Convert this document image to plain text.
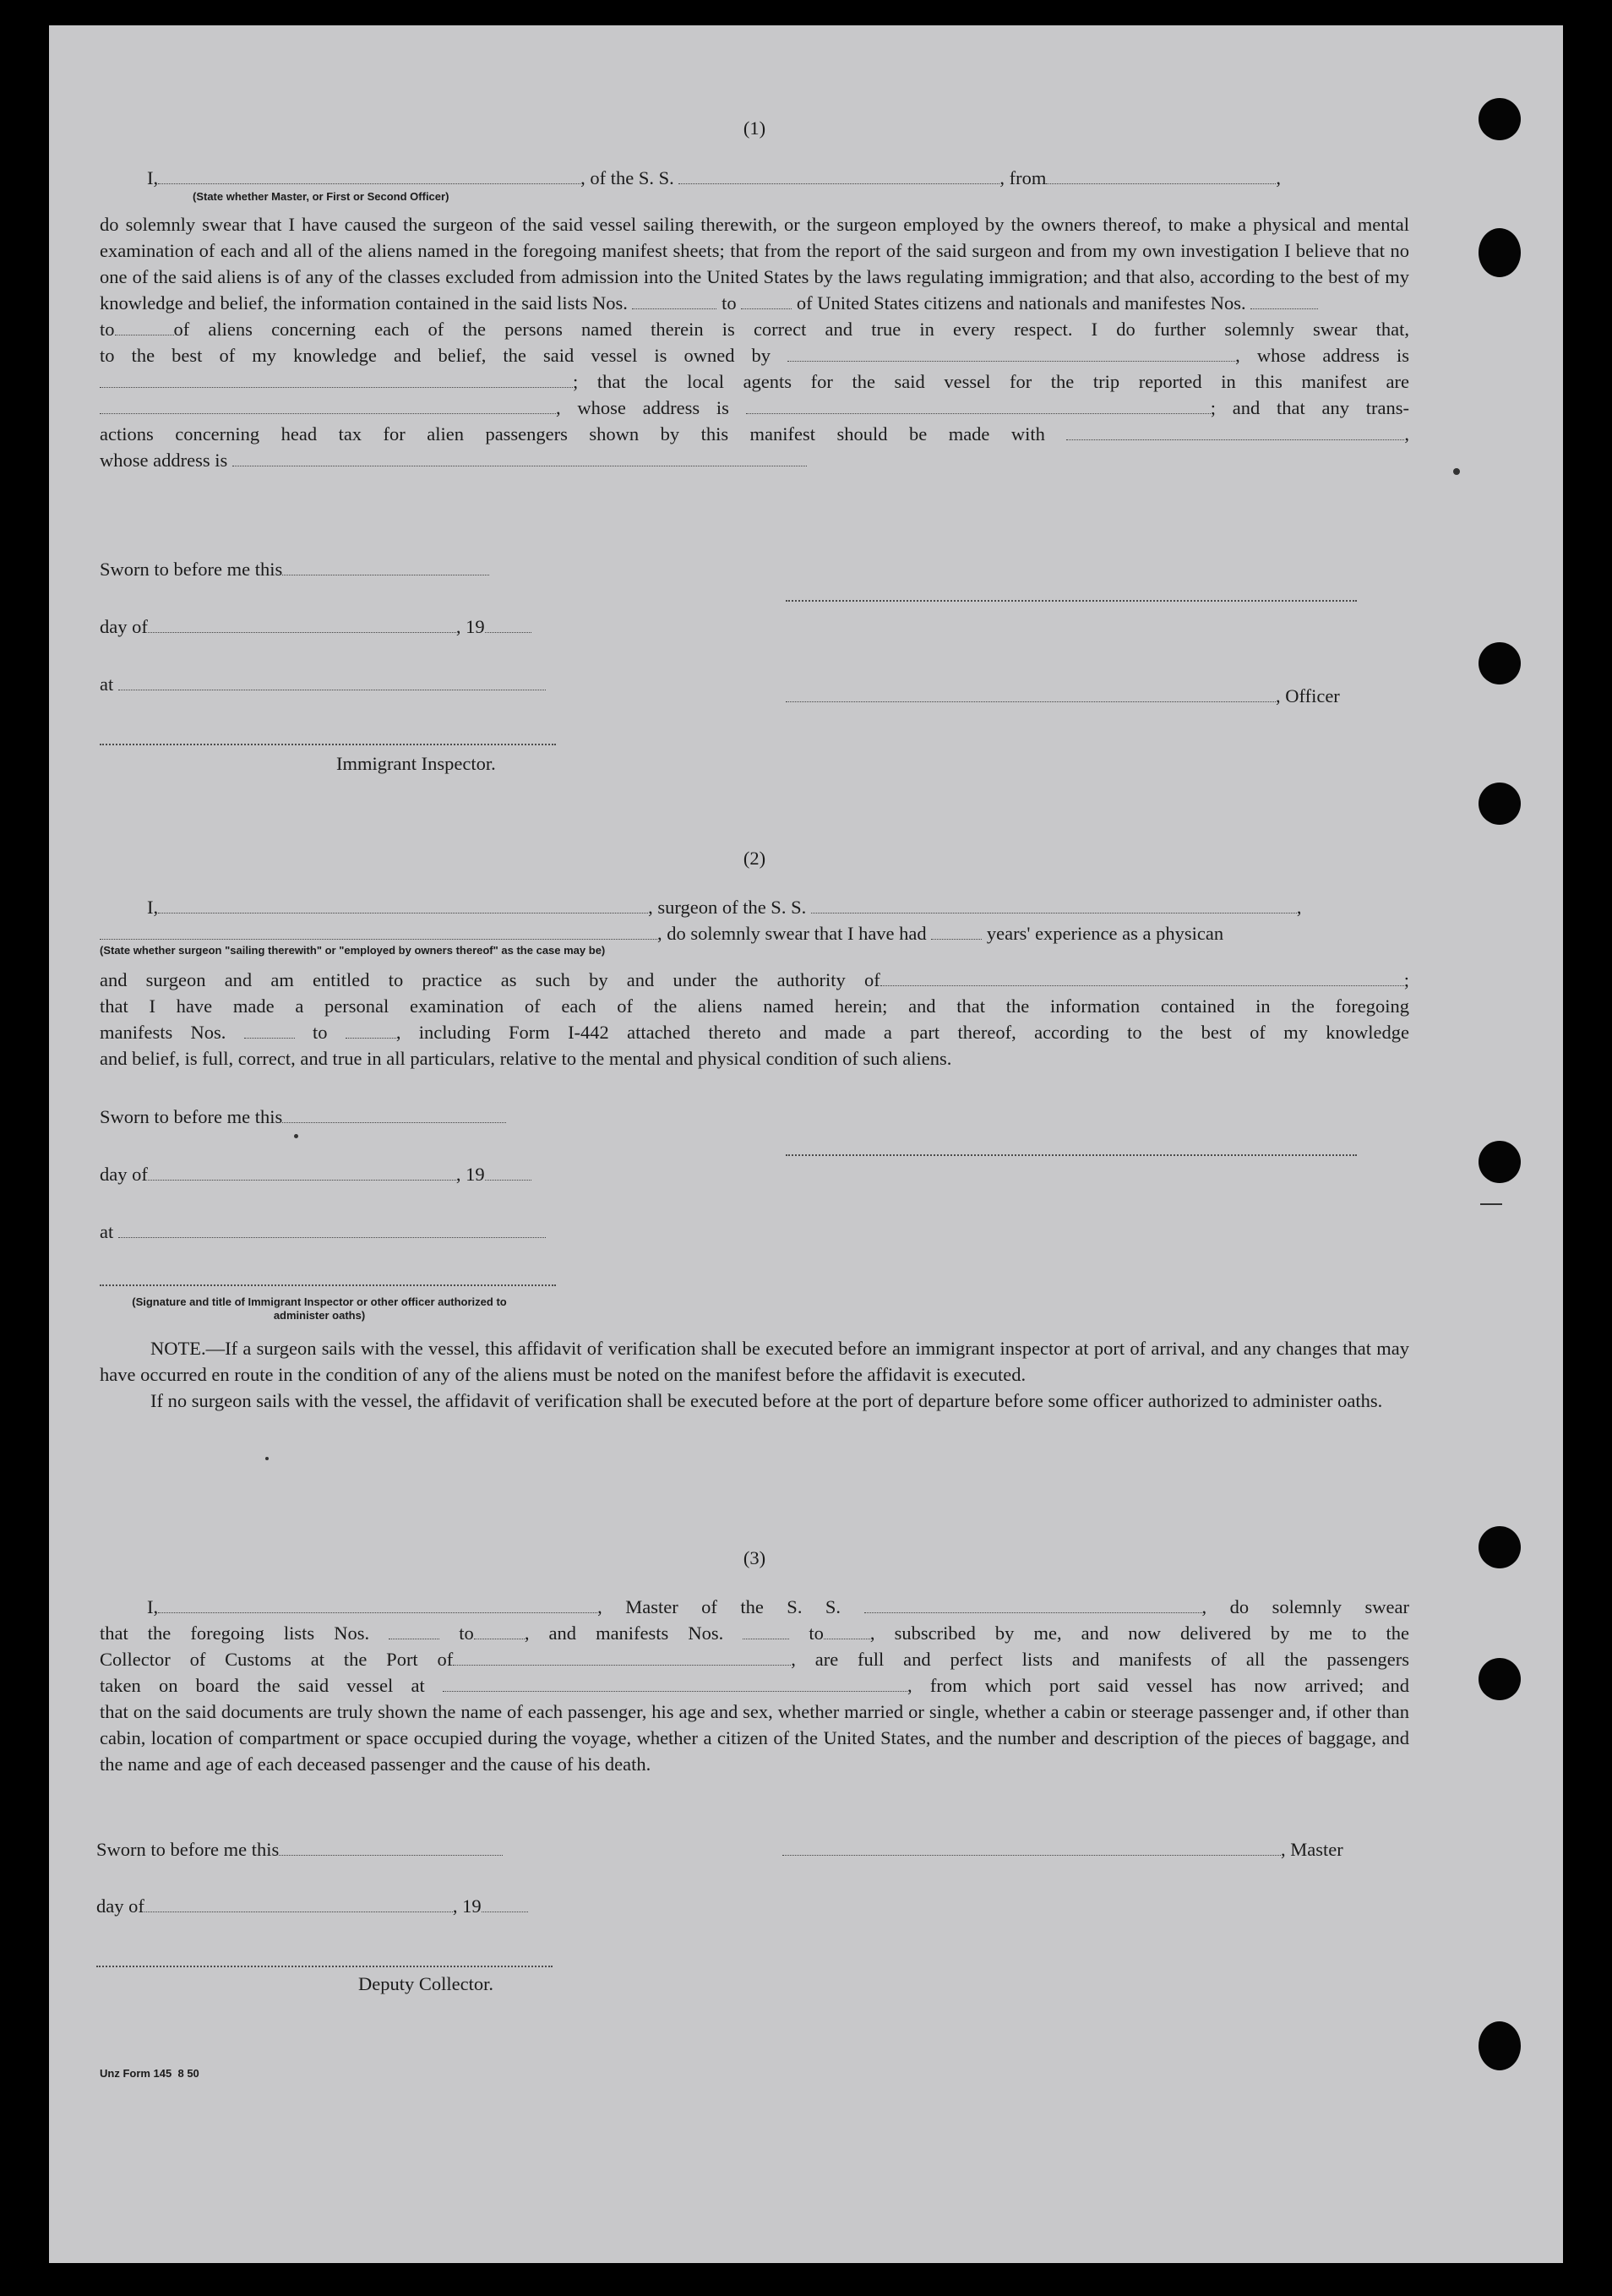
(1)
I,	, of the S. S.	, from	,
(State whether Master, or First or Second Officer)
do solemnly swear that I have caused the surgeon of the said vessel sailing therewith, or the surgeon employed by the owners thereof, to make a physical and mental examination of each and all of the aliens named in the foregoing manifest sheets; that from the report of the said surgeon and from my own investigation I believe that no one of the said aliens is of any of the classes excluded from admission into the United States by the laws regulating immigration; and that also, according to the best of my knowledge and belief, the information contained in the said lists Nos.	to	of United States citizens and nationals and manifestes Nos.
to	of aliens concerning each of the persons named therein is correct and true in every respect. I do further solemnly swear that,
to the best of my knowledge and belief, the said vessel is owned by	, whose address is
; that the local agents for the said vessel for the trip reported in this manifest are
, whose address is	; and that any trans-
actions concerning head tax for alien passengers shown by this manifest should be made with	,
whose address is
Sworn to before me this
day of	, 19
at
, Officer
Immigrant Inspector.
(2)
I,	, surgeon of the S. S.	,
, do solemnly swear that I have had	years' experience as a physican
(State whether surgeon "sailing therewith" or "employed by owners thereof" as the case may be)
and surgeon and am entitled to practice as such by and under the authority of	;
that I have made a personal examination of each of the aliens named herein; and that the information contained in the foregoing
manifests Nos.	to	, including Form I-442 attached thereto and made a part thereof, according to the best of my knowledge
and belief, is full, correct, and true in all particulars, relative to the mental and physical condition of such aliens.
Sworn to before me this
day of	, 19
at
(Signature and title of Immigrant Inspector or other officer authorized to administer oaths)
NOTE.—If a surgeon sails with the vessel, this affidavit of verification shall be executed before an immigrant inspector at port of arrival, and any changes that may have occurred en route in the condition of any of the aliens must be noted on the manifest before the affidavit is executed.
If no surgeon sails with the vessel, the affidavit of verification shall be executed before at the port of departure before some officer authorized to administer oaths.
(3)
I,	, Master of the S. S.	, do solemnly swear
that the foregoing lists Nos.	to	, and manifests Nos.	to , subscribed by me, and now delivered by me to the
Collector of Customs at the Port of	, are full and perfect lists and manifests of all the passengers
taken on board the said vessel at	, from which port said vessel has now arrived; and
that on the said documents are truly shown the name of each passenger, his age and sex, whether married or single, whether a cabin or steerage passenger and, if other than cabin, location of compartment or space occupied during the voyage, whether a citizen of the United States, and the number and description of the pieces of baggage, and the name and age of each deceased passenger and the cause of his death.
Sworn to before me this	, Master
day of	, 19
Deputy Collector.
Unz Form 145 8 50
